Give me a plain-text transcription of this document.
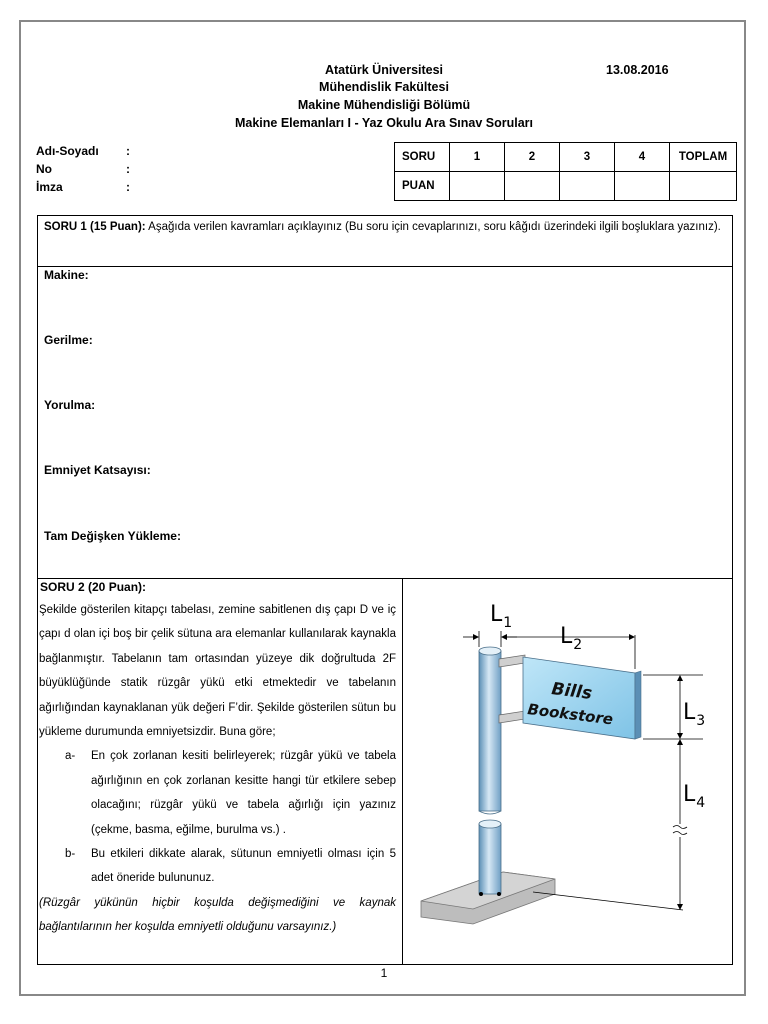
Atatürk Üniversitesi
Mühendislik Fakültesi
Makine Mühendisliği Bölümü
Makine Elemanları I - Yaz Okulu Ara Sınav Soruları
13.08.2016
Adı-Soyadı :
No	:
İmza	:
SORU	1	2	3	4	TOPLAM
PUAN					
SORU 1 (15 Puan): Aşağıda verilen kavramları açıklayınız (Bu soru için cevaplarınızı, soru kâğıdı üzerindeki ilgili boşluklara yazınız).
Makine:
Gerilme:
Yorulma:
Emniyet Katsayısı:
Tam Değişken Yükleme:
SORU 2 (20 Puan):

Şekilde gösterilen kitapçı tabelası, zemine sabitlenen dış çapı D ve iç çapı d olan içi boş bir çelik sütuna ara elemanlar kullanılarak kaynakla bağlanmıştır. Tabelanın tam ortasından yüzeye dik doğrultuda 2F büyüklüğünde statik rüzgâr yükü etki etmektedir ve tabelanın ağırlığından kaynaklanan yük değeri F’dir. Şekilde gösterilen sütun bu yükleme durumunda emniyetsizdir. Buna göre;

a-	En çok zorlanan kesiti belirleyerek; rüzgâr yükü ve tabela ağırlığının en çok zorlanan kesitte hangi tür etkilere sebep olacağını; rüzgâr yükü ve tabela ağırlığı için yazınız (çekme, basma, eğilme, burulma vs.) .
b-	Bu etkileri dikkate alarak, sütunun emniyetli olması için 5 adet öneride bulununuz.

(Rüzgâr yükünün hiçbir koşulda değişmediğini ve kaynak bağlantılarının her koşulda emniyetli olduğunu varsayınız.)

Bills
Bookstore
$L_1$
$L_2$
$L_3$
$L_4$
1
